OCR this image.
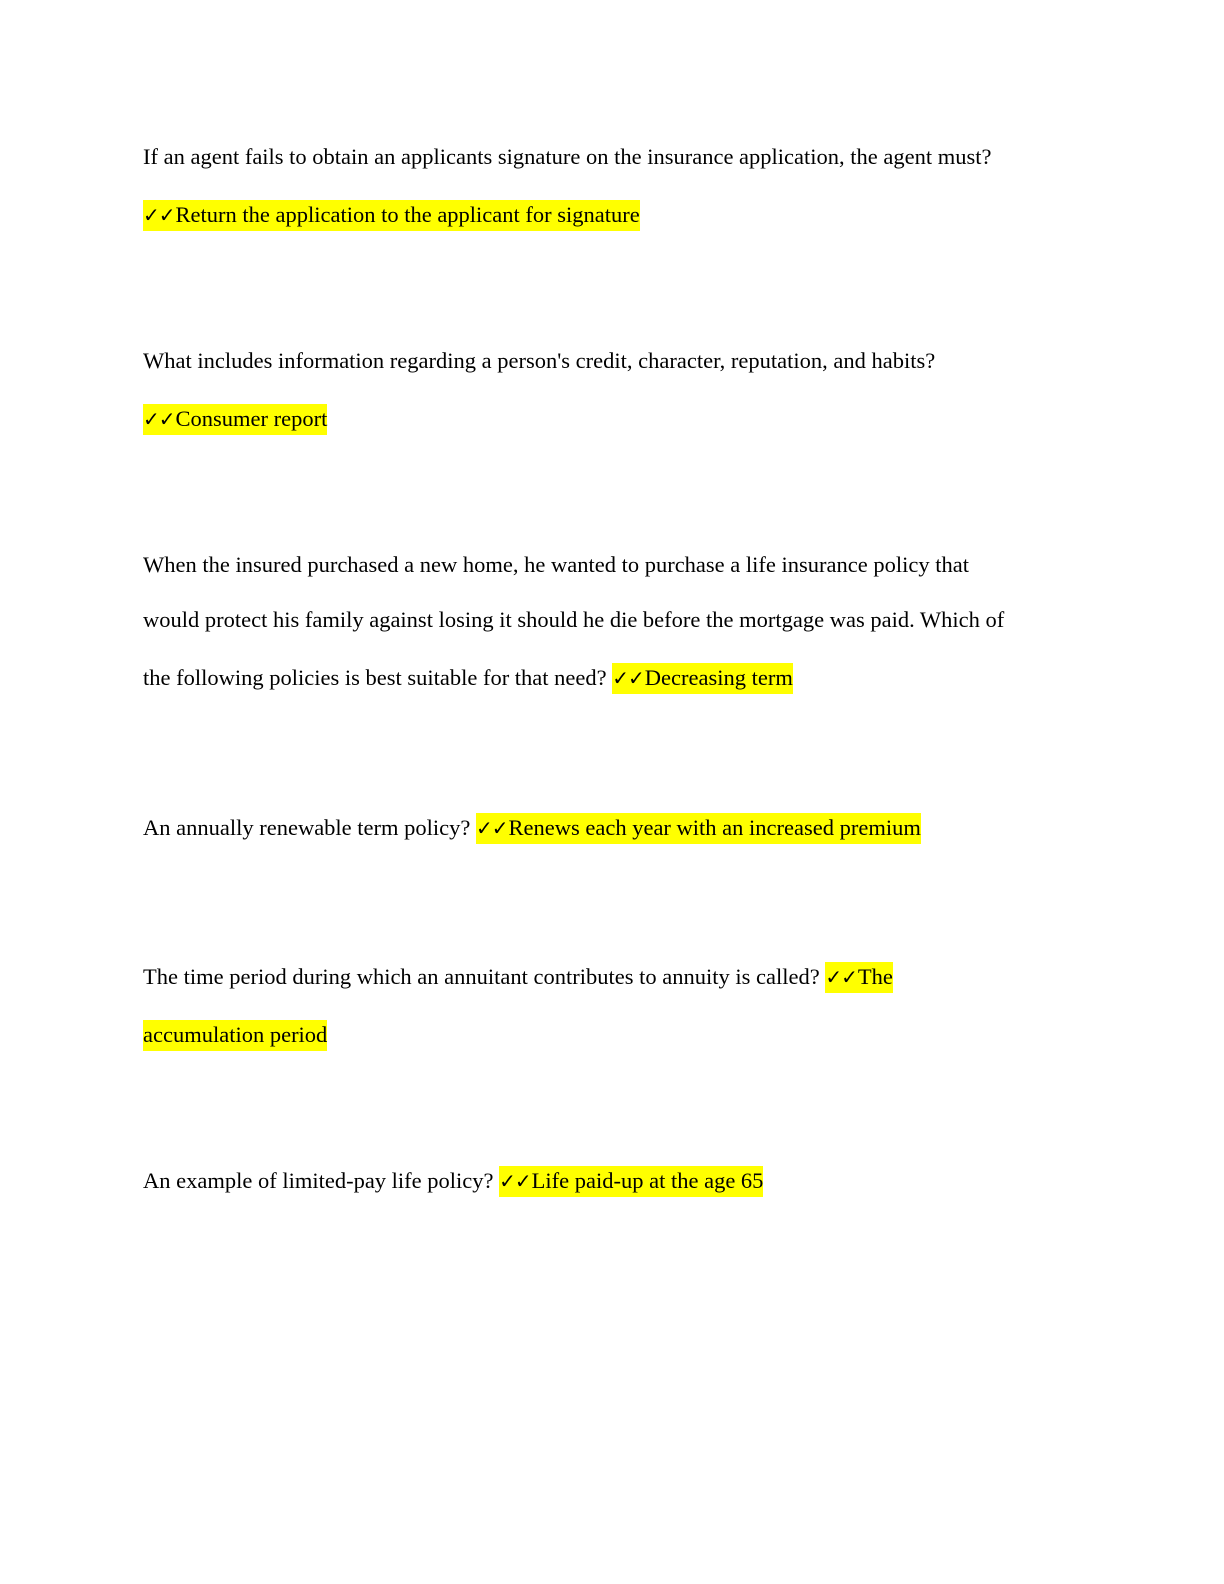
If an agent fails to obtain an applicants signature on the insurance application, the agent must?
✓✓Return the application to the applicant for signature
What includes information regarding a person's credit, character, reputation, and habits?
✓✓Consumer report
When the insured purchased a new home, he wanted to purchase a life insurance policy that
would protect his family against losing it should he die before the mortgage was paid. Which of
the following policies is best suitable for that need? ✓✓Decreasing term
An annually renewable term policy? ✓✓Renews each year with an increased premium
The time period during which an annuitant contributes to annuity is called? ✓✓The
accumulation period
An example of limited-pay life policy? ✓✓Life paid-up at the age 65
